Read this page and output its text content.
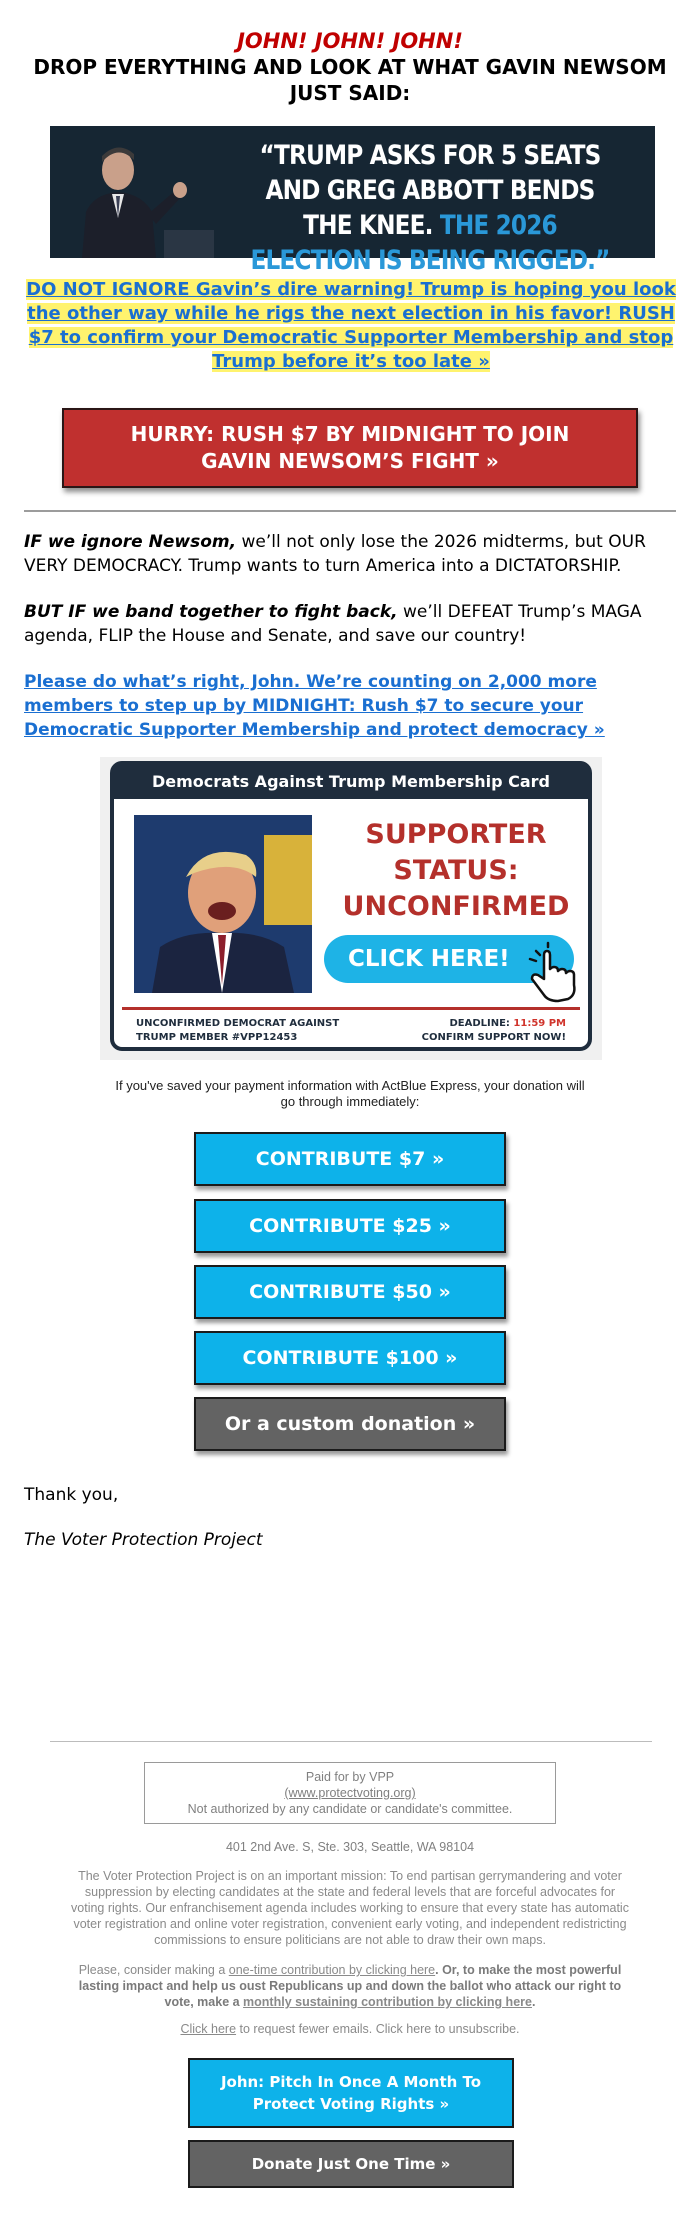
JOHN! JOHN! JOHN!
DROP EVERYTHING AND LOOK AT WHAT GAVIN NEWSOM JUST SAID:
“TRUMP ASKS FOR 5 SEATS AND GREG ABBOTT BENDS THE KNEE. THE 2026 ELECTION IS BEING RIGGED.”
DO NOT IGNORE Gavin’s dire warning! Trump is hoping you look the other way while he rigs the next election in his favor! RUSH $7 to confirm your Democratic Supporter Membership and stop Trump before it’s too late »
HURRY: RUSH $7 BY MIDNIGHT TO JOIN GAVIN NEWSOM’S FIGHT »
IF we ignore Newsom, we’ll not only lose the 2026 midterms, but OUR VERY DEMOCRACY. Trump wants to turn America into a DICTATORSHIP.
BUT IF we band together to fight back, we’ll DEFEAT Trump’s MAGA agenda, FLIP the House and Senate, and save our country!
Please do what’s right, John. We’re counting on 2,000 more members to step up by MIDNIGHT: Rush $7 to secure your Democratic Supporter Membership and protect democracy »
Democrats Against Trump Membership Card
SUPPORTER STATUS: UNCONFIRMED
CLICK HERE!
UNCONFIRMED DEMOCRAT AGAINST
TRUMP MEMBER #VPP12453
DEADLINE: 11:59 PM
CONFIRM SUPPORT NOW!
If you've saved your payment information with ActBlue Express, your donation will go through immediately:
CONTRIBUTE $7 »
CONTRIBUTE $25 »
CONTRIBUTE $50 »
CONTRIBUTE $100 »
Or a custom donation »
Thank you,
The Voter Protection Project
Paid for by VPP
(www.protectvoting.org)
Not authorized by any candidate or candidate's committee.
401 2nd Ave. S, Ste. 303, Seattle, WA 98104
The Voter Protection Project is on an important mission: To end partisan gerrymandering and voter suppression by electing candidates at the state and federal levels that are forceful advocates for voting rights. Our enfranchisement agenda includes working to ensure that every state has automatic voter registration and online voter registration, convenient early voting, and independent redistricting commissions to ensure politicians are not able to draw their own maps.
Please, consider making a one-time contribution by clicking here. Or, to make the most powerful lasting impact and help us oust Republicans up and down the ballot who attack our right to vote, make a monthly sustaining contribution by clicking here.
Click here to request fewer emails. Click here to unsubscribe.
John: Pitch In Once A Month To Protect Voting Rights »
Donate Just One Time »
